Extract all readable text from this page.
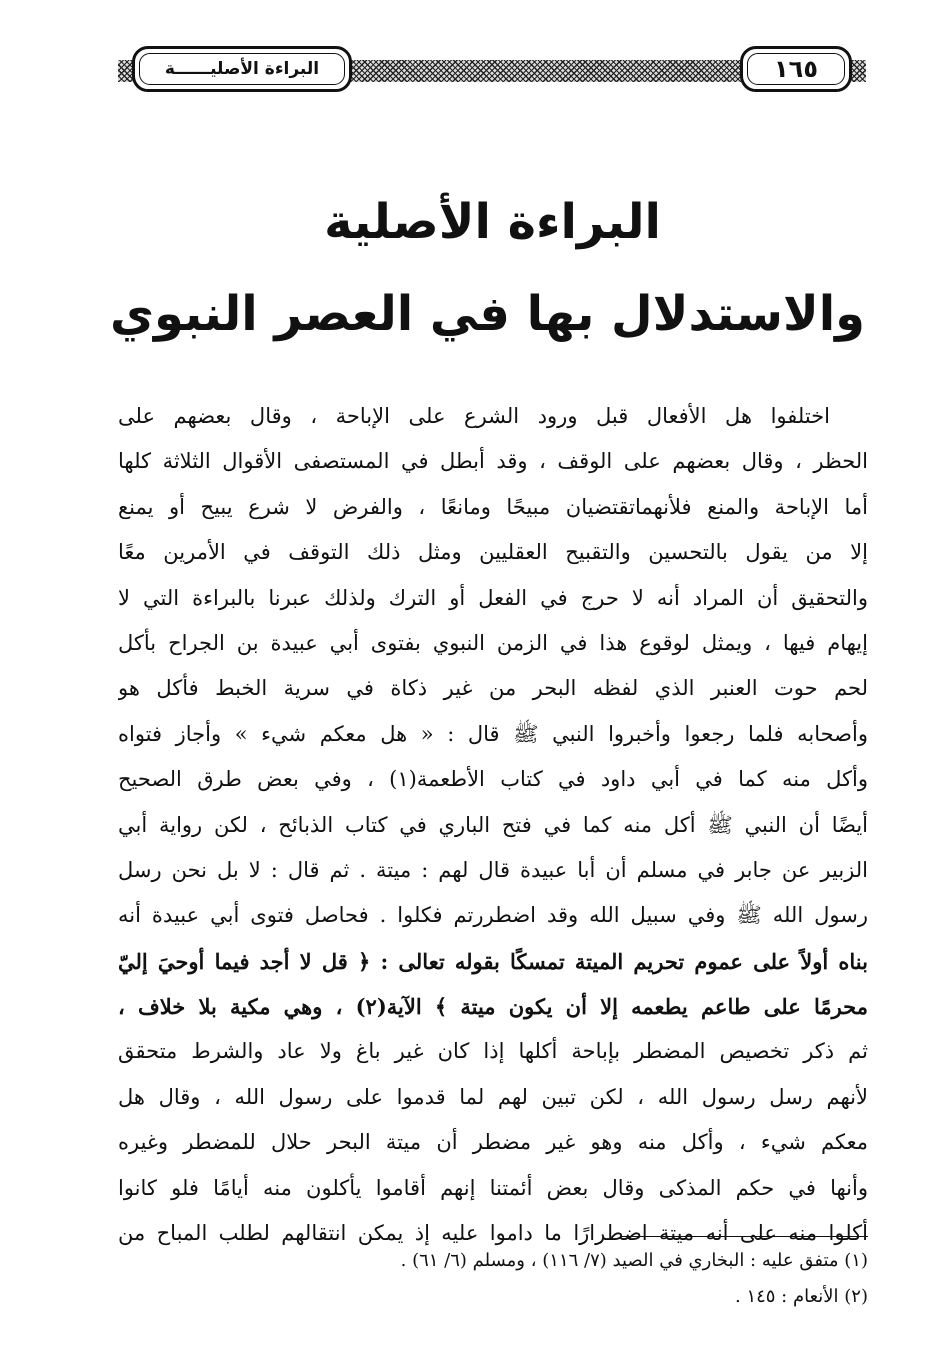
البراءة الأصليــــــة	١٦٥
البراءة الأصلية
والاستدلال بها في العصر النبوي
اختلفوا هل الأفعال قبل ورود الشرع على الإباحة ، وقال بعضهم على
الحظر ، وقال بعضهم على الوقف ، وقد أبطل في المستصفى الأقوال الثلاثة كلها
أما الإباحة والمنع فلأنهماتقتضيان مبيحًا ومانعًا ، والفرض لا شرع يبيح أو يمنع
إلا من يقول بالتحسين والتقبيح العقليين ومثل ذلك التوقف في الأمرين معًا
والتحقيق أن المراد أنه لا حرج في الفعل أو الترك ولذلك عبرنا بالبراءة التي لا
إيهام فيها ، ويمثل لوقوع هذا في الزمن النبوي بفتوى أبي عبيدة بن الجراح بأكل
لحم حوت العنبر الذي لفظه البحر من غير ذكاة في سرية الخبط فأكل هو
وأصحابه فلما رجعوا وأخبروا النبي ﷺ قال : « هل معكم شيء » وأجاز فتواه
وأكل منه كما في أبي داود في كتاب الأطعمة(١) ، وفي بعض طرق الصحيح
أيضًا أن النبي ﷺ أكل منه كما في فتح الباري في كتاب الذبائح ، لكن رواية أبي
الزبير عن جابر في مسلم أن أبا عبيدة قال لهم : ميتة . ثم قال : لا بل نحن رسل
رسول الله ﷺ وفي سبيل الله وقد اضطررتم فكلوا . فحاصل فتوى أبي عبيدة أنه
بناه أولاً على عموم تحريم الميتة تمسكًا بقوله تعالى : ﴿ قل لا أجد فيما أوحيَ إليّ
محرمًا على طاعم يطعمه إلا أن يكون ميتة ﴾ الآية(٢) ، وهي مكية بلا خلاف ،
ثم ذكر تخصيص المضطر بإباحة أكلها إذا كان غير باغ ولا عاد والشرط متحقق
لأنهم رسل رسول الله ، لكن تبين لهم لما قدموا على رسول الله ، وقال هل
معكم شيء ، وأكل منه وهو غير مضطر أن ميتة البحر حلال للمضطر وغيره
وأنها في حكم المذكى وقال بعض أئمتنا إنهم أقاموا يأكلون منه أيامًا فلو كانوا
أكلوا منه على أنه ميتة اضطرارًا ما داموا عليه إذ يمكن انتقالهم لطلب المباح من
(١) متفق عليه : البخاري في الصيد (٧/ ١١٦) ، ومسلم (٦/ ٦١) .
(٢) الأنعام : ١٤٥ .
